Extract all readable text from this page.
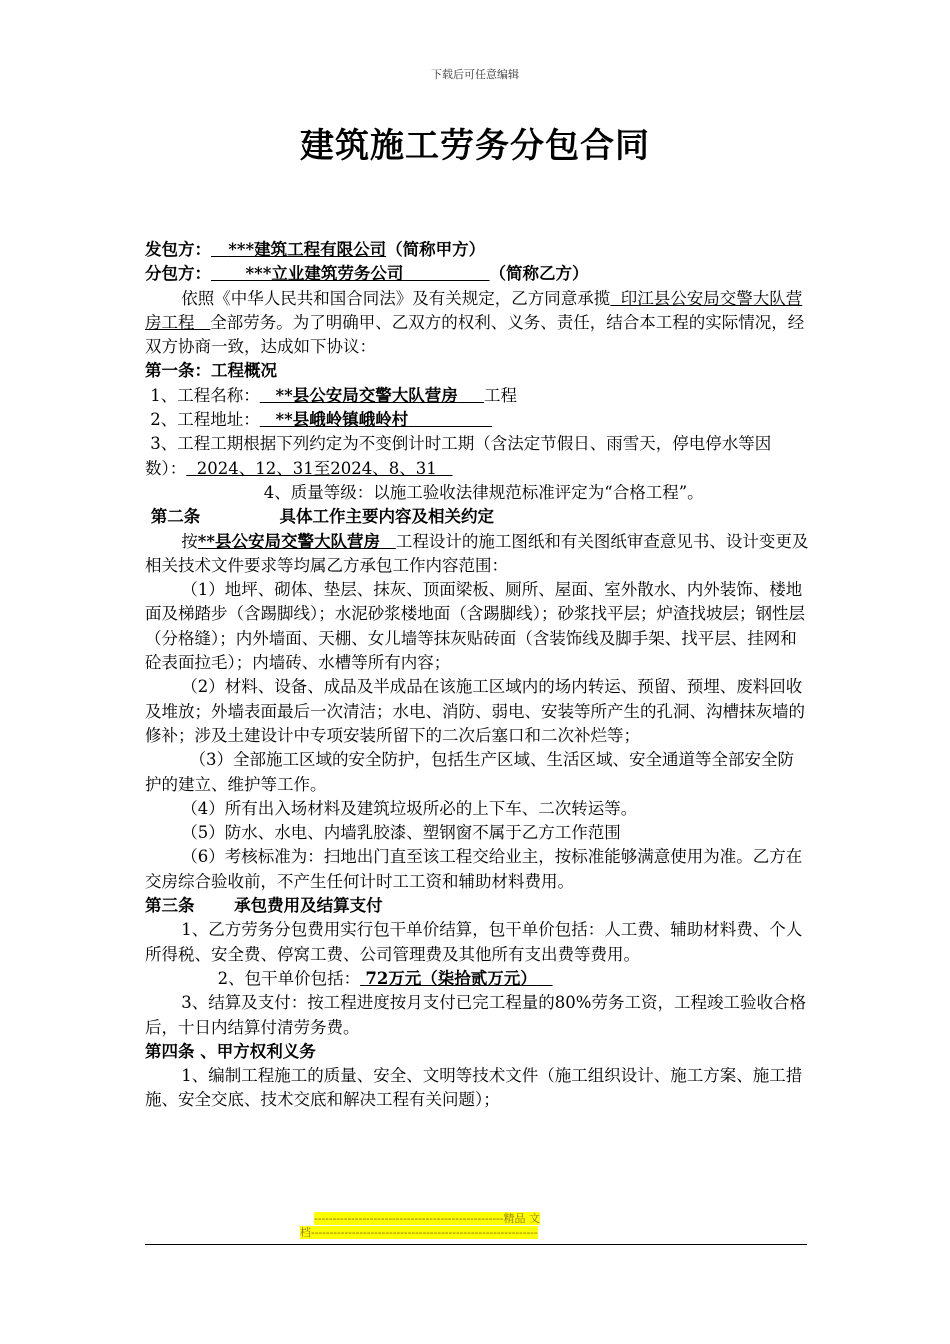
下载后可任意编辑
建筑施工劳务分包合同

发包方： ***建筑工程有限公司（简称甲方）

分包方： ***立业建筑劳务公司	（简称乙方）

依照《中华人民共和国合同法》及有关规定，乙方同意承揽 印江县公安局交警大队营房工程 全部劳务。为了明确甲、乙双方的权利、义务、责任，结合本工程的实际情况，经双方协商一致，达成如下协议：

第一条：工程概况

1、工程名称： **县公安局交警大队营房 工程

2、工程地址： **县峨岭镇峨岭村

3、工程工期根据下列约定为不变倒计时工期（含法定节假日、雨雪天，停电停水等因数）： 2024、12、31至2024、8、31

4、质量等级：以施工验收法律规范标准评定为“合格工程”。

第二条	具体工作主要内容及相关约定

按**县公安局交警大队营房 工程设计的施工图纸和有关图纸审查意见书、设计变更及相关技术文件要求等均属乙方承包工作内容范围：

（1）地坪、砌体、垫层、抹灰、顶面梁板、厕所、屋面、室外散水、内外装饰、楼地面及梯踏步（含踢脚线）；水泥砂浆楼地面（含踢脚线）；砂浆找平层；炉渣找坡层；钢性层（分格缝）；内外墙面、天棚、女儿墙等抹灰贴砖面（含装饰线及脚手架、找平层、挂网和砼表面拉毛）；内墙砖、水槽等所有内容；

（2）材料、设备、成品及半成品在该施工区域内的场内转运、预留、预埋、废料回收及堆放；外墙表面最后一次清洁；水电、消防、弱电、安装等所产生的孔洞、沟槽抹灰墙的修补；涉及土建设计中专项安装所留下的二次后塞口和二次补烂等；

（3）全部施工区域的安全防护，包括生产区域、生活区域、安全通道等全部安全防护的建立、维护等工作。

（4）所有出入场材料及建筑垃圾所必的上下车、二次转运等。

（5）防水、水电、内墙乳胶漆、塑钢窗不属于乙方工作范围

（6）考核标准为：扫地出门直至该工程交给业主，按标准能够满意使用为准。乙方在交房综合验收前，不产生任何计时工工资和辅助材料费用。

第三条 承包费用及结算支付

1、乙方劳务分包费用实行包干单价结算，包干单价包括：人工费、辅助材料费、个人所得税、安全费、停窝工费、公司管理费及其他所有支出费等费用。

2、包干单价包括： 72万元（柒拾贰万元）

3、结算及支付：按工程进度按月支付已完工程量的80%劳务工资，工程竣工验收合格后，十日内结算付清劳务费。

第四条 、甲方权利义务

1、编制工程施工的质量、安全、文明等技术文件（施工组织设计、施工方案、施工措施、安全交底、技术交底和解决工程有关问题）；

---------------------------------------------------精品 文
档-------------------------------------------------------------
